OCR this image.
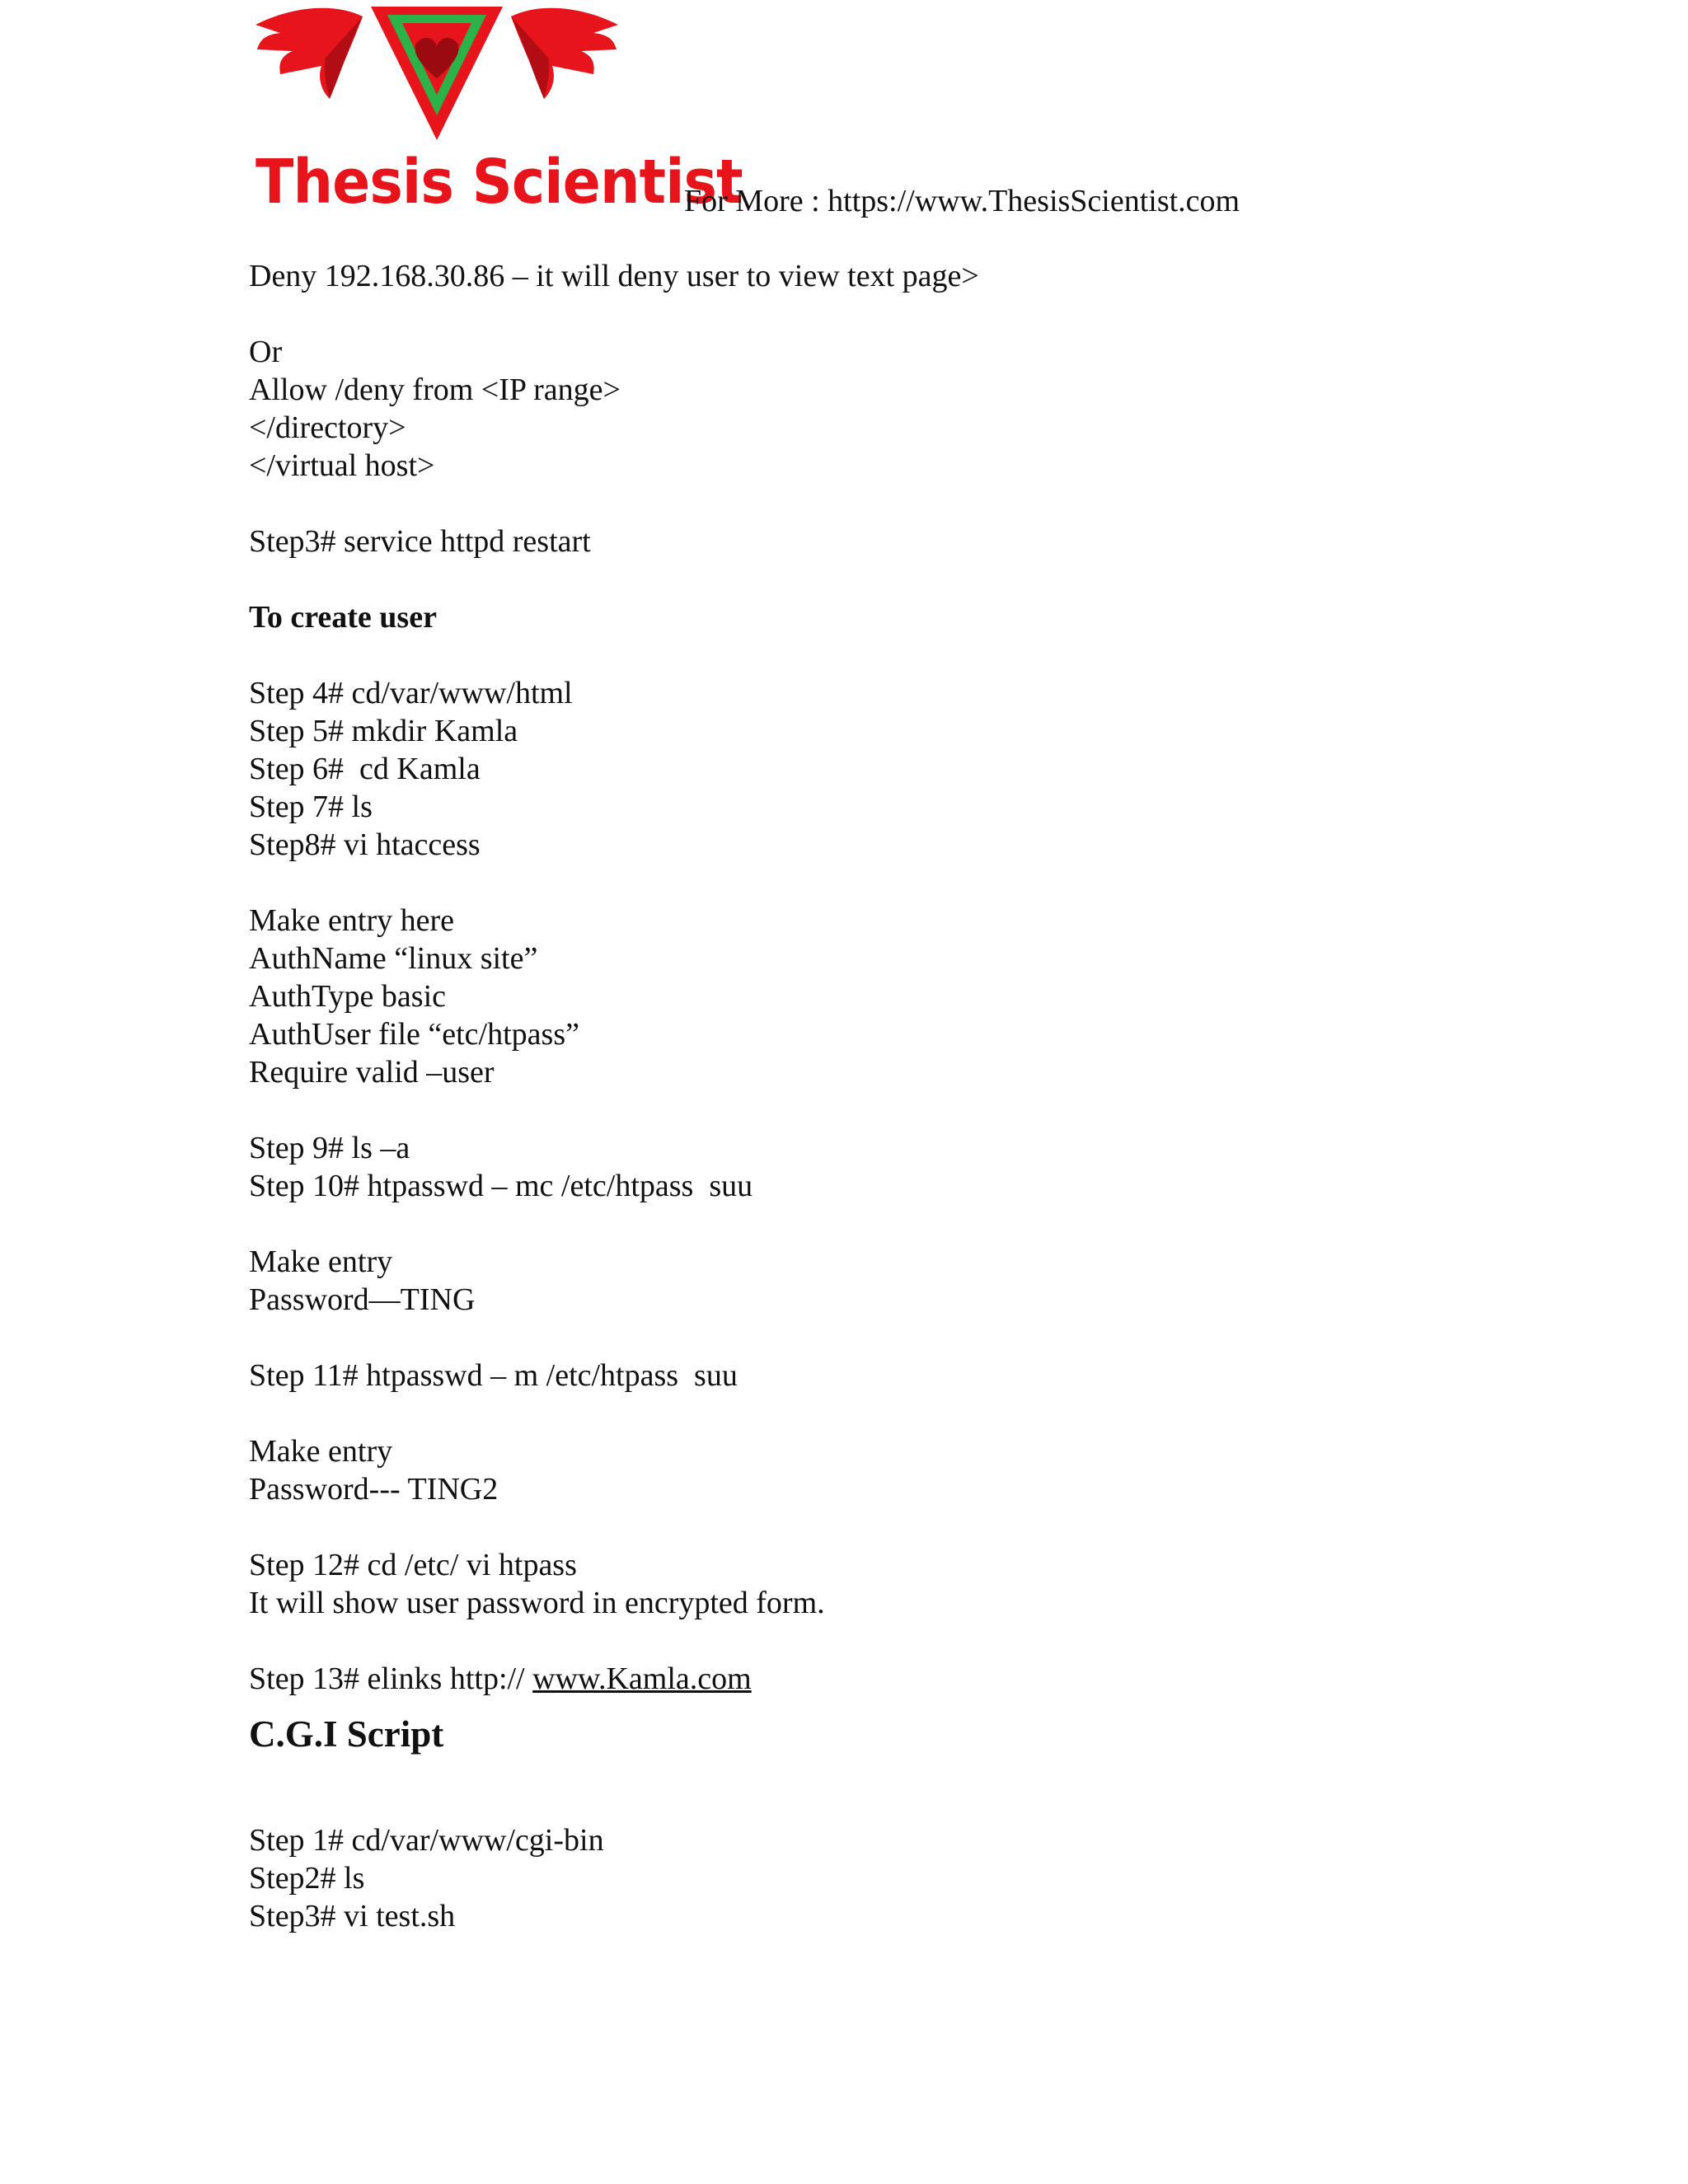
Thesis Scientist
For More : https://www.ThesisScientist.com
Deny 192.168.30.86 – it will deny user to view text page>
Or
Allow /deny from <IP range>
</directory>
</virtual host>
Step3# service httpd restart
To create user
Step 4# cd/var/www/html
Step 5# mkdir Kamla
Step 6#  cd Kamla
Step 7# ls
Step8# vi htaccess
Make entry here
AuthName “linux site”
AuthType basic
AuthUser file “etc/htpass”
Require valid –user
Step 9# ls –a
Step 10# htpasswd – mc /etc/htpass  suu
Make entry
Password—TING
Step 11# htpasswd – m /etc/htpass  suu
Make entry
Password--- TING2
Step 12# cd /etc/ vi htpass
It will show user password in encrypted form.
Step 13# elinks http:// www.Kamla.com
C.G.I Script
Step 1# cd/var/www/cgi-bin
Step2# ls
Step3# vi test.sh
